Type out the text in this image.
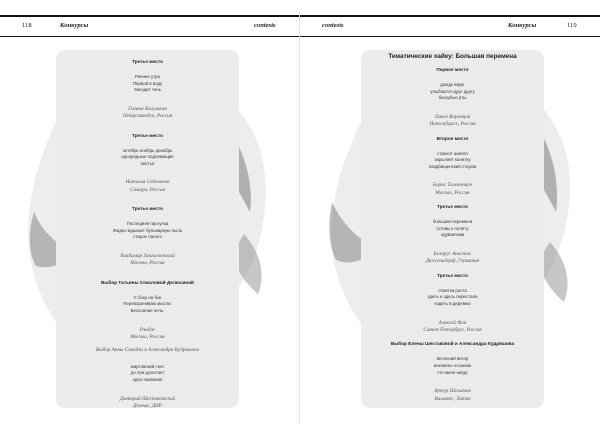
118	Конкурсы	contests	contests	Конкурсы	119

Третье место

Раннее утро

Первой в воду

Заходит тень

Галина Калушкая

Петрозаводск, Россия

Третье место

октябрь ноябрь декабрь

однородные подлежащие

листья

Наталья Седенкова

Самара, Россия

Третье место

Последняя прогулка

Жадно вдыхает бульварную пыль

старое пальто

Владимир Завгасковский

Москва, Россия

Выбор Татьяны Соколовой-Делюсиной

С боку на бок

Переворачиваю мысли.

Бессонная ночь.

Рэндж

Москва, Россия

Выбор Анны Сакадзи и Александра Кудряшова

мартовский снег

до луж долетает

одно название

Дмитрий Шестаковский

Донецк, ДНР

Тематические хайку: Большая перемена

Первое место

дождь вкруг

улыбаются друг другу

беззубые рты

Павел Воронцов

Новосибирск, Россия

Второе место

стрекот шмеля

окрыляет калитку

кладбищенский сторож

Борис Толоконцев

Москва, Россия

Третье место

большая перемена

готовы к полёту

одуванчики

Белорус Анастас

Дюссельдорф, Германия

Третье место

отметки роста

здесь и здесь перестали

ездить в деревню

Алексей Фон

Санкт-Петербург, Россия

Выбор Елены Шестаковой и Александра Кудряшова

весенний ветер

внезапно осознаю

что меня нигде

Артур Шаламов

Вильнюс, Литва
